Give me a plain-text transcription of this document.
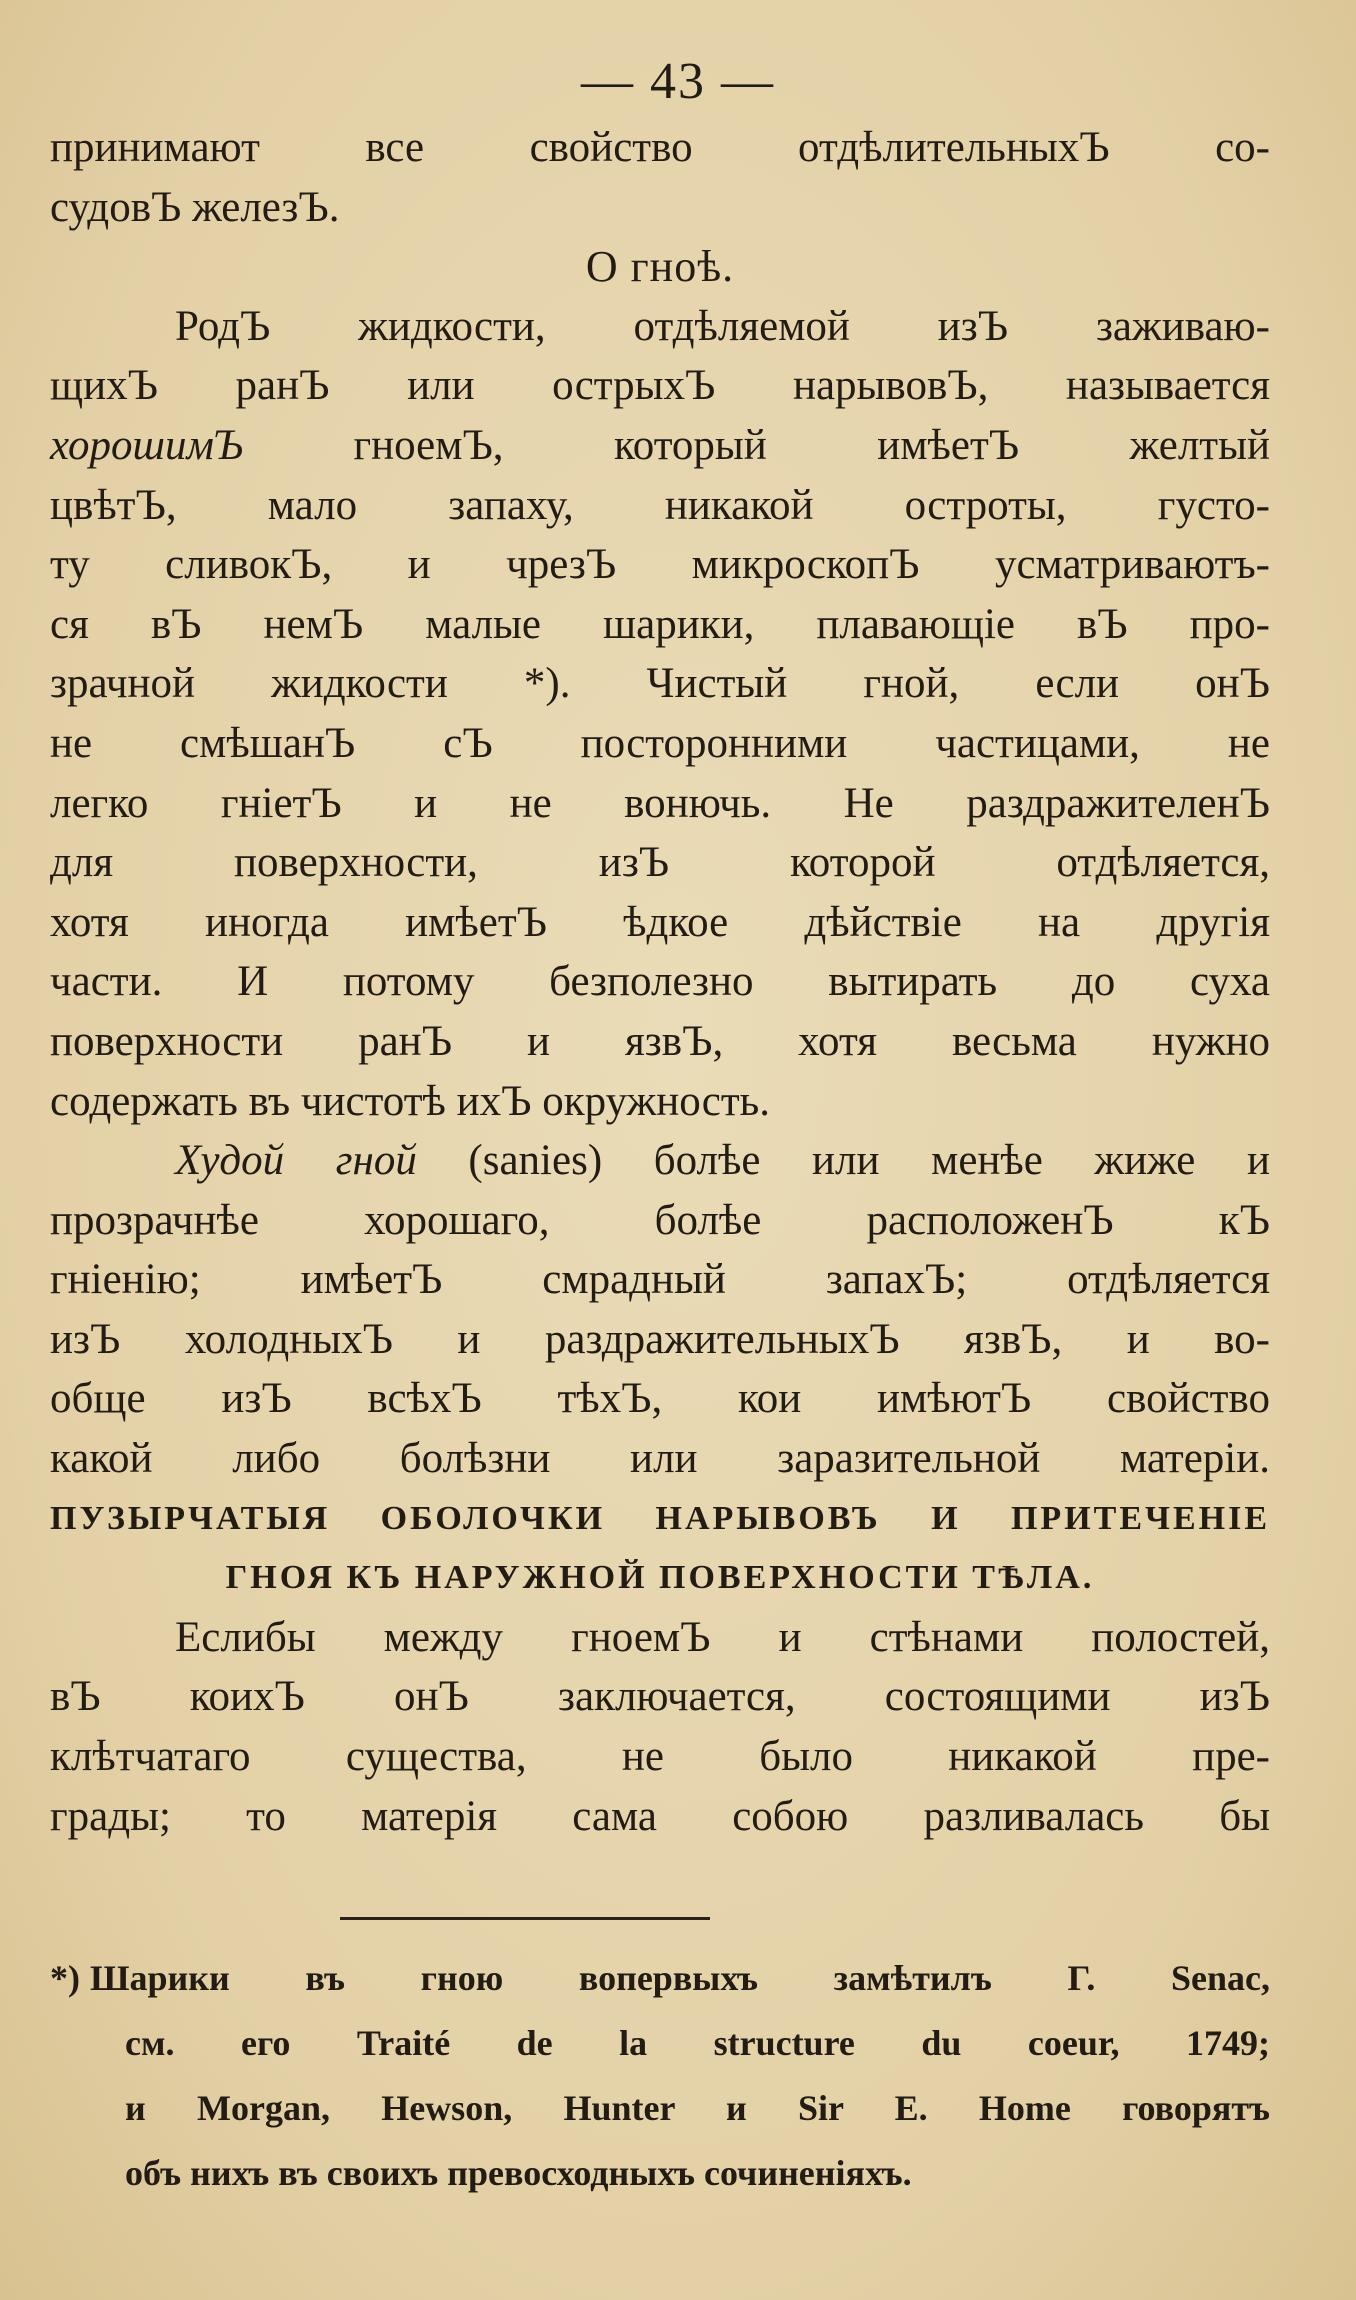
— 43 —
принимают все свойство отдѣлительныхЪ со-
судовЪ железЪ.
О гноѣ.
РодЪ жидкости, отдѣляемой изЪ заживаю-
щихЪ ранЪ или острыхЪ нарывовЪ, называется
хорошимЪ гноемЪ, который имѣетЪ желтый
цвѣтЪ, мало запаху, никакой остроты, густо-
ту сливокЪ, и чрезЪ микроскопЪ усматриваютъ-
ся вЪ немЪ малые шарики, плавающіе вЪ про-
зрачной жидкости *). Чистый гной, если онЪ
не смѣшанЪ сЪ посторонними частицами, не
легко гніетЪ и не вонючь. Не раздражителенЪ
для поверхности, изЪ которой отдѣляется,
хотя иногда имѣетЪ ѣдкое дѣйствіе на другія
части. И потому безполезно вытирать до суха
поверхности ранЪ и язвЪ, хотя весьма нужно
содержать въ чистотѣ ихЪ окружность.
Худой гной (sanies) болѣе или менѣе жиже и
прозрачнѣе хорошаго, болѣе расположенЪ кЪ
гніенію; имѣетЪ смрадный запахЪ; отдѣляется
изЪ холодныхЪ и раздражительныхЪ язвЪ, и во-
обще изЪ всѣхЪ тѣхЪ, кои имѣютЪ свойство
какой либо болѣзни или заразительной матеріи.
ПУЗЫРЧАТЫЯ ОБОЛОЧКИ НАРЫВОВЪ И ПРИТЕЧЕНІЕ
ГНОЯ КЪ НАРУЖНОЙ ПОВЕРХНОСТИ ТѢЛА.
Еслибы между гноемЪ и стѣнами полостей,
вЪ коихЪ онЪ заключается, состоящими изЪ
клѣтчатаго существа, не было никакой пре-
грады; то матерія сама собою разливалась бы
*) Шарики въ гною вопервыхъ замѣтилъ Г. Senac,
см. его Traité de la structure du coeur, 1749;
и Morgan, Hewson, Hunter и Sir E. Home говорятъ
объ нихъ въ своихъ превосходныхъ сочиненіяхъ.
